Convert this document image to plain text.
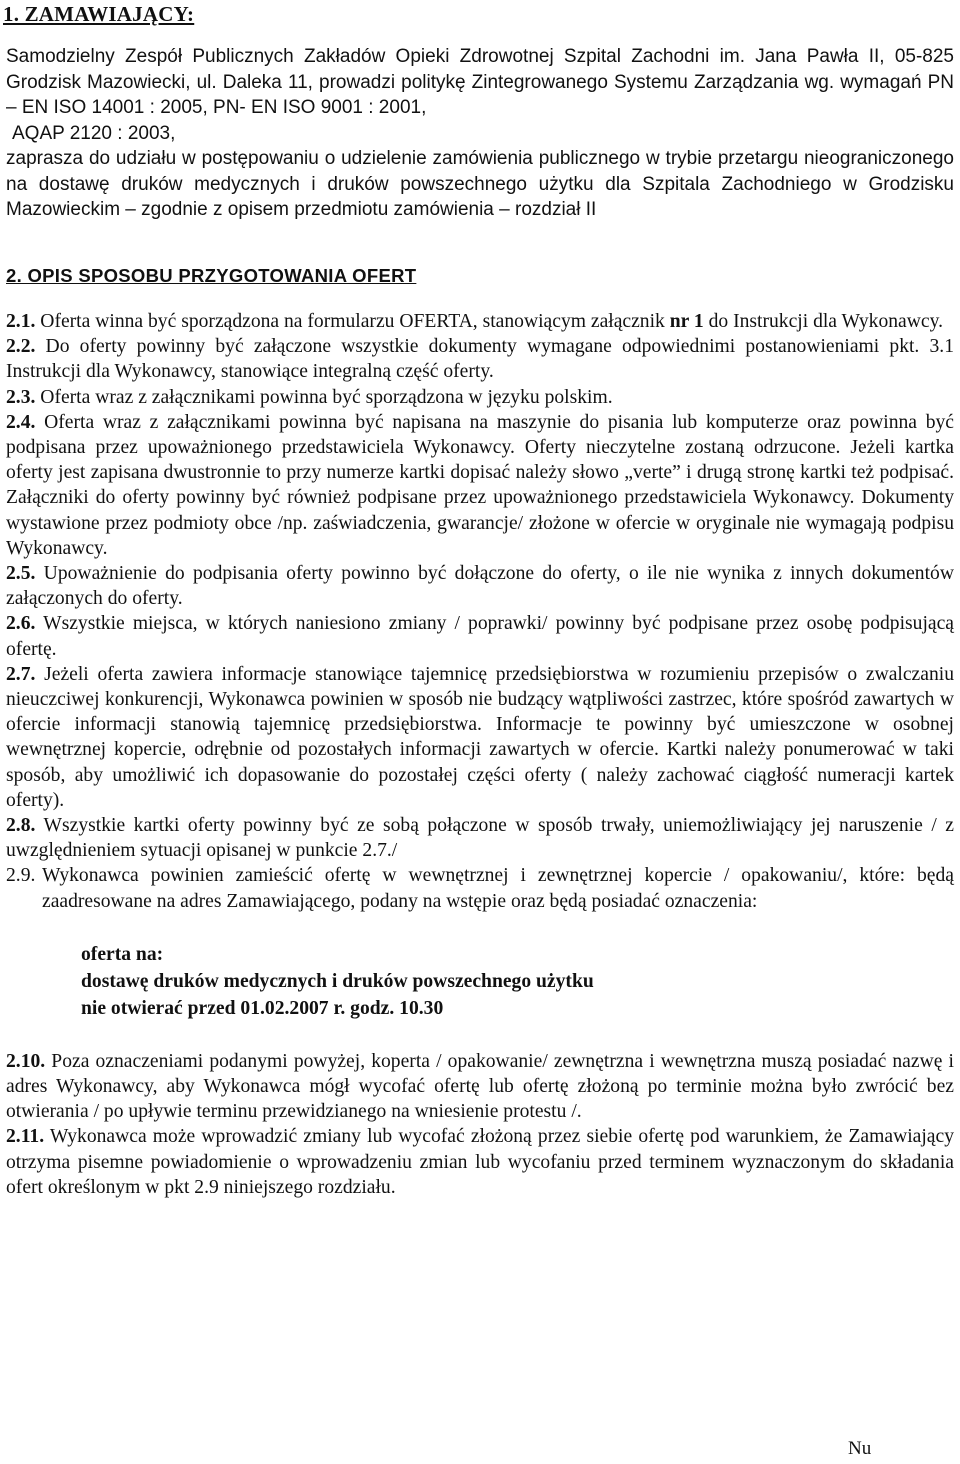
1. ZAMAWIAJĄCY:

Samodzielny Zespół Publicznych Zakładów Opieki Zdrowotnej Szpital Zachodni im. Jana Pawła II, 05-825 Grodzisk Mazowiecki, ul. Daleka 11, prowadzi politykę Zintegrowanego Systemu Zarządzania wg. wymagań PN – EN ISO 14001 : 2005, PN- EN ISO 9001 : 2001,

AQAP 2120 : 2003,

zaprasza do udziału w postępowaniu o udzielenie zamówienia publicznego w trybie przetargu nieograniczonego na dostawę druków medycznych i druków powszechnego użytku dla Szpitala Zachodniego w Grodzisku Mazowieckim – zgodnie z opisem przedmiotu zamówienia – rozdział II

2. OPIS SPOSOBU PRZYGOTOWANIA OFERT

2.1. Oferta winna być sporządzona na formularzu OFERTA, stanowiącym załącznik nr 1 do Instrukcji dla Wykonawcy.

2.2. Do oferty powinny być załączone wszystkie dokumenty wymagane odpowiednimi postanowieniami pkt. 3.1 Instrukcji dla Wykonawcy, stanowiące integralną część oferty.

2.3. Oferta wraz z załącznikami powinna być sporządzona w języku polskim.

2.4. Oferta wraz z załącznikami powinna być napisana na maszynie do pisania lub komputerze oraz powinna być podpisana przez upoważnionego przedstawiciela Wykonawcy. Oferty nieczytelne zostaną odrzucone. Jeżeli kartka oferty jest zapisana dwustronnie to przy numerze kartki dopisać należy słowo „verte” i drugą stronę kartki też podpisać. Załączniki do oferty powinny być również podpisane przez upoważnionego przedstawiciela Wykonawcy. Dokumenty wystawione przez podmioty obce /np. zaświadczenia, gwarancje/ złożone w ofercie w oryginale nie wymagają podpisu Wykonawcy.

2.5. Upoważnienie do podpisania oferty powinno być dołączone do oferty, o ile nie wynika z innych dokumentów załączonych do oferty.

2.6. Wszystkie miejsca, w których naniesiono zmiany / poprawki/ powinny być podpisane przez osobę podpisującą ofertę.

2.7. Jeżeli oferta zawiera informacje stanowiące tajemnicę przedsiębiorstwa w rozumieniu przepisów o zwalczaniu nieuczciwej konkurencji, Wykonawca powinien w sposób nie budzący wątpliwości zastrzec, które spośród zawartych w ofercie informacji stanowią tajemnicę przedsiębiorstwa. Informacje te powinny być umieszczone w osobnej wewnętrznej kopercie, odrębnie od pozostałych informacji zawartych w ofercie. Kartki należy ponumerować w taki sposób, aby umożliwić ich dopasowanie do pozostałej części oferty ( należy zachować ciągłość numeracji kartek oferty).

2.8. Wszystkie kartki oferty powinny być ze sobą połączone w sposób trwały, uniemożliwiający jej naruszenie / z uwzględnieniem sytuacji opisanej w punkcie 2.7./

2.9. Wykonawca powinien zamieścić ofertę w wewnętrznej i zewnętrznej kopercie / opakowaniu/, które: będą zaadresowane na adres Zamawiającego, podany na wstępie oraz będą posiadać oznaczenia:

oferta na:

dostawę druków medycznych i druków powszechnego użytku

nie otwierać przed 01.02.2007 r. godz. 10.30

2.10. Poza oznaczeniami podanymi powyżej, koperta / opakowanie/ zewnętrzna i wewnętrzna muszą posiadać nazwę i adres Wykonawcy, aby Wykonawca mógł wycofać ofertę lub ofertę złożoną po terminie można było zwrócić bez otwierania / po upływie terminu przewidzianego na wniesienie protestu /.

2.11. Wykonawca może wprowadzić zmiany lub wycofać złożoną przez siebie ofertę pod warunkiem, że Zamawiający otrzyma pisemne powiadomienie o wprowadzeniu zmian lub wycofaniu przed terminem wyznaczonym do składania ofert określonym w pkt 2.9 niniejszego rozdziału.

Nu
